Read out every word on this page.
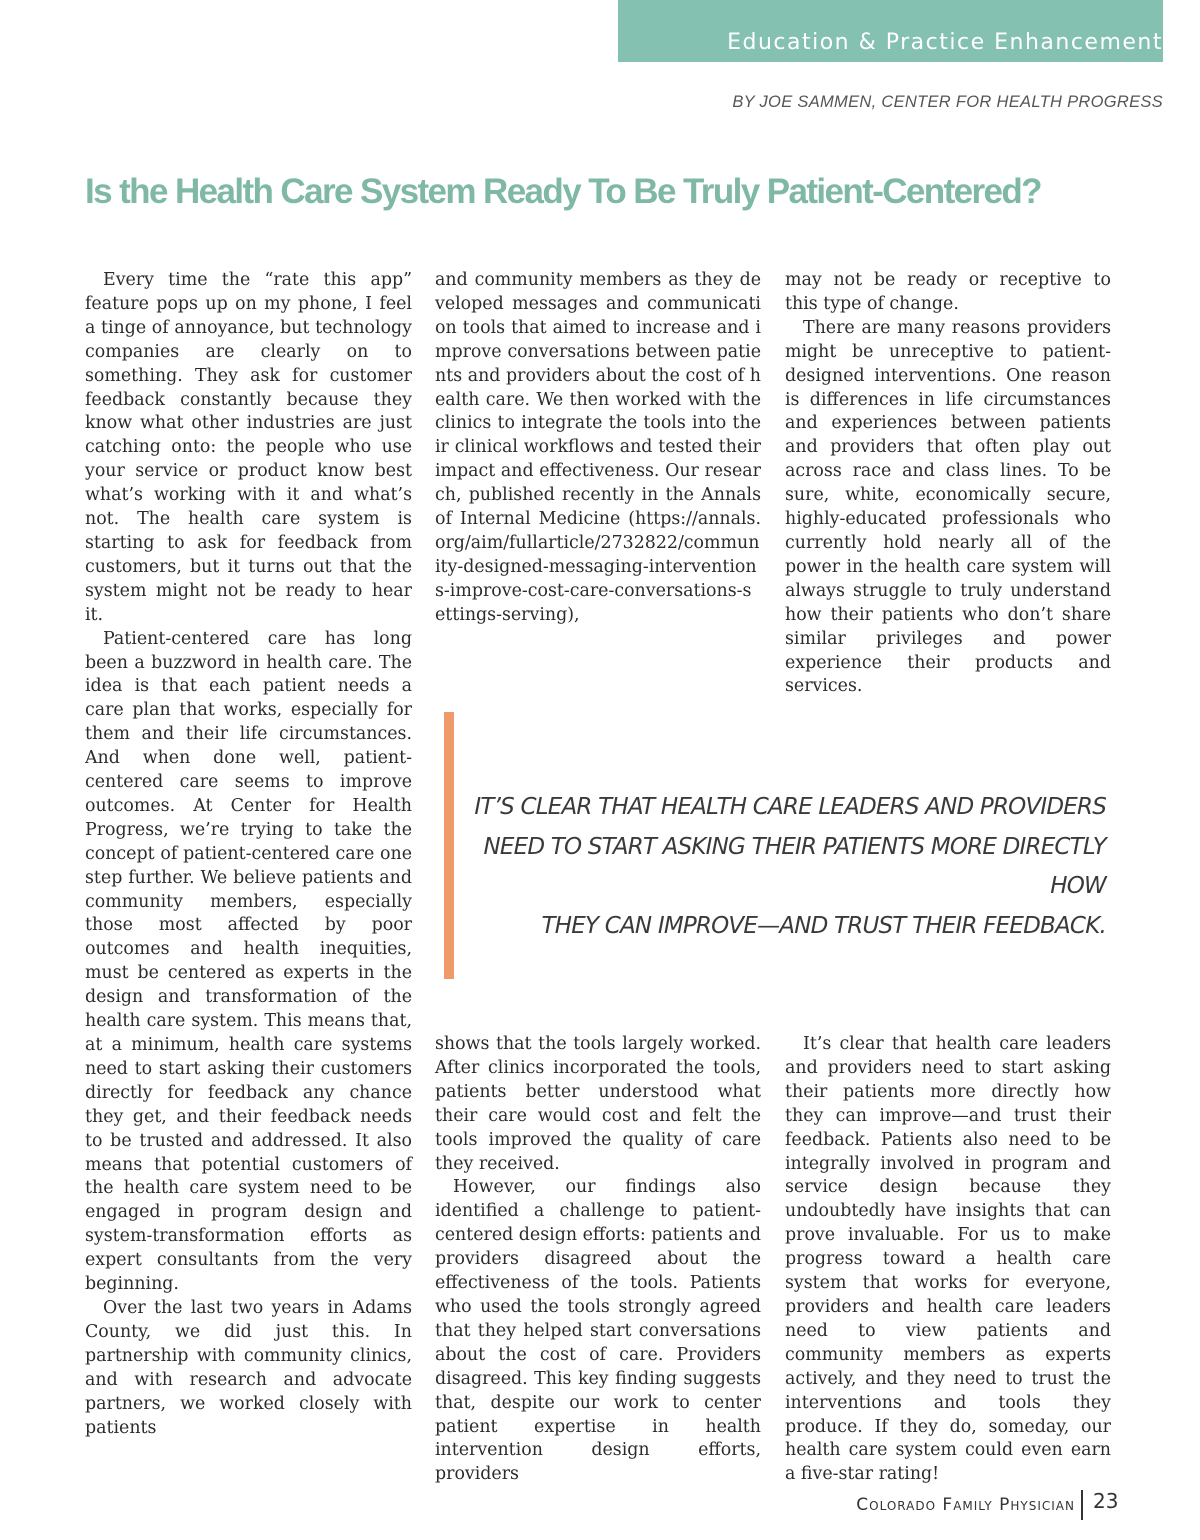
Education & Practice Enhancement
BY JOE SAMMEN, CENTER FOR HEALTH PROGRESS
Is the Health Care System Ready To Be Truly Patient-Centered?

Every time the “rate this app” feature pops up on my phone, I feel a tinge of annoyance, but technology companies are clearly on to something. They ask for customer feedback constantly because they know what other industries are just catching onto: the people who use your service or product know best what’s working with it and what’s not. The health care system is starting to ask for feedback from customers, but it turns out that the system might not be ready to hear it.

Patient-centered care has long been a buzzword in health care. The idea is that each patient needs a care plan that works, especially for them and their life circumstances. And when done well, patient-centered care seems to improve outcomes. At Center for Health Progress, we’re trying to take the concept of patient-centered care one step further. We believe patients and community members, especially those most affected by poor outcomes and health inequities, must be centered as experts in the design and transformation of the health care system. This means that, at a minimum, health care systems need to start asking their customers directly for feedback any chance they get, and their feedback needs to be trusted and addressed. It also means that potential customers of the health care system need to be engaged in program design and system-transformation efforts as expert consultants from the very beginning.

Over the last two years in Adams County, we did just this. In partnership with community clinics, and with research and advocate partners, we worked closely with patients

and community members as they developed messages and communication tools that aimed to increase and improve conversations between patients and providers about the cost of health care. We then worked with the clinics to integrate the tools into their clinical workflows and tested their impact and effectiveness. Our research, published recently in the Annals of Internal Medicine (https://annals.org/aim/fullarticle/2732822/community-designed-messaging-interventions-improve-cost-care-conversations-settings-serving),

may not be ready or receptive to this type of change.

There are many reasons providers might be unreceptive to patient-designed interventions. One reason is differences in life circumstances and experiences between patients and providers that often play out across race and class lines. To be sure, white, economically secure, highly-educated professionals who currently hold nearly all of the power in the health care system will always struggle to truly understand how their patients who don’t share similar privileges and power experience their products and services.

IT’S CLEAR THAT HEALTH CARE LEADERS AND PROVIDERS
NEED TO START ASKING THEIR PATIENTS MORE DIRECTLY HOW
THEY CAN IMPROVE—AND TRUST THEIR FEEDBACK.

shows that the tools largely worked. After clinics incorporated the tools, patients better understood what their care would cost and felt the tools improved the quality of care they received.

However, our findings also identified a challenge to patient-centered design efforts: patients and providers disagreed about the effectiveness of the tools. Patients who used the tools strongly agreed that they helped start conversations about the cost of care. Providers disagreed. This key finding suggests that, despite our work to center patient expertise in health intervention design efforts, providers

It’s clear that health care leaders and providers need to start asking their patients more directly how they can improve—and trust their feedback. Patients also need to be integrally involved in program and service design because they undoubtedly have insights that can prove invaluable. For us to make progress toward a health care system that works for everyone, providers and health care leaders need to view patients and community members as experts actively, and they need to trust the interventions and tools they produce. If they do, someday, our health care system could even earn a five-star rating!

Colorado Family Physician 23
